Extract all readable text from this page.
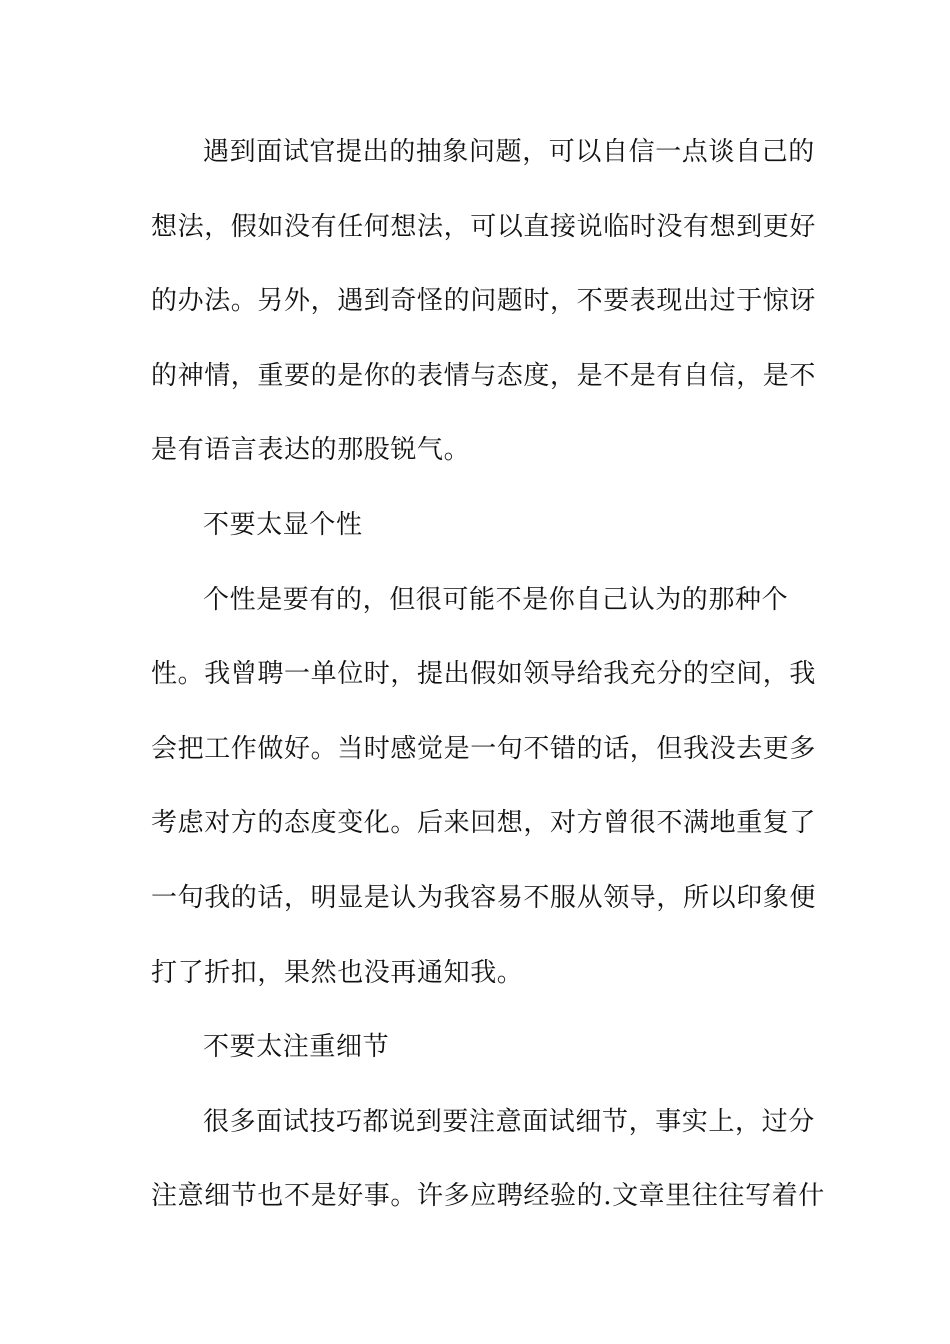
遇到面试官提出的抽象问题，可以自信一点谈自己的
想法，假如没有任何想法，可以直接说临时没有想到更好
的办法。另外，遇到奇怪的问题时，不要表现出过于惊讶
的神情，重要的是你的表情与态度，是不是有自信，是不
是有语言表达的那股锐气。
不要太显个性
个性是要有的，但很可能不是你自己认为的那种个
性。我曾聘一单位时，提出假如领导给我充分的空间，我
会把工作做好。当时感觉是一句不错的话，但我没去更多
考虑对方的态度变化。后来回想，对方曾很不满地重复了
一句我的话，明显是认为我容易不服从领导，所以印象便
打了折扣，果然也没再通知我。
不要太注重细节
很多面试技巧都说到要注意面试细节，事实上，过分
注意细节也不是好事。许多应聘经验的.文章里往往写着什
